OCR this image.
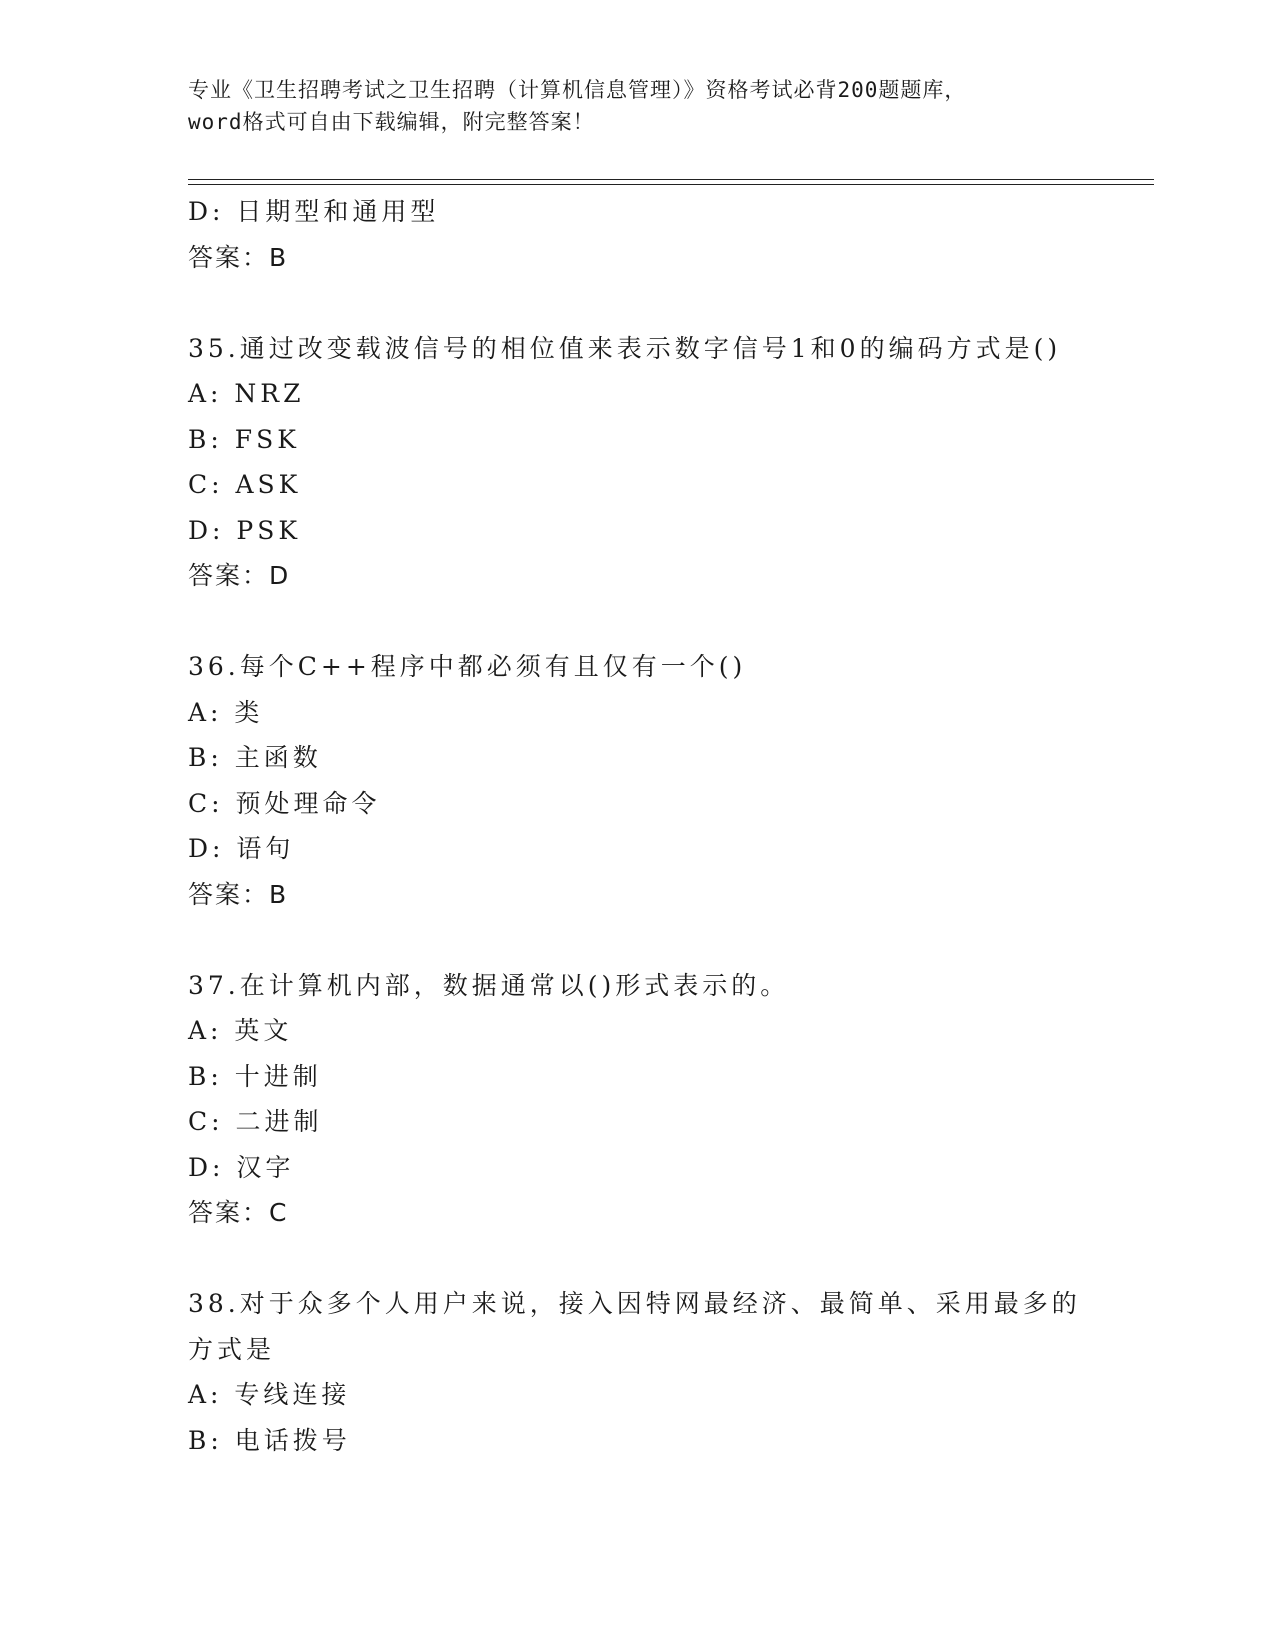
专业《卫生招聘考试之卫生招聘（计算机信息管理）》资格考试必背200题题库，
word格式可自由下载编辑，附完整答案！
D: 日期型和通用型
答案：B
35.通过改变载波信号的相位值来表示数字信号1和0的编码方式是()
A: NRZ
B: FSK
C: ASK
D: PSK
答案：D
36.每个C++程序中都必须有且仅有一个()
A: 类
B: 主函数
C: 预处理命令
D: 语句
答案：B
37.在计算机内部，数据通常以()形式表示的。
A: 英文
B: 十进制
C: 二进制
D: 汉字
答案：C
38.对于众多个人用户来说，接入因特网最经济、最简单、采用最多的
方式是
A: 专线连接
B: 电话拨号
